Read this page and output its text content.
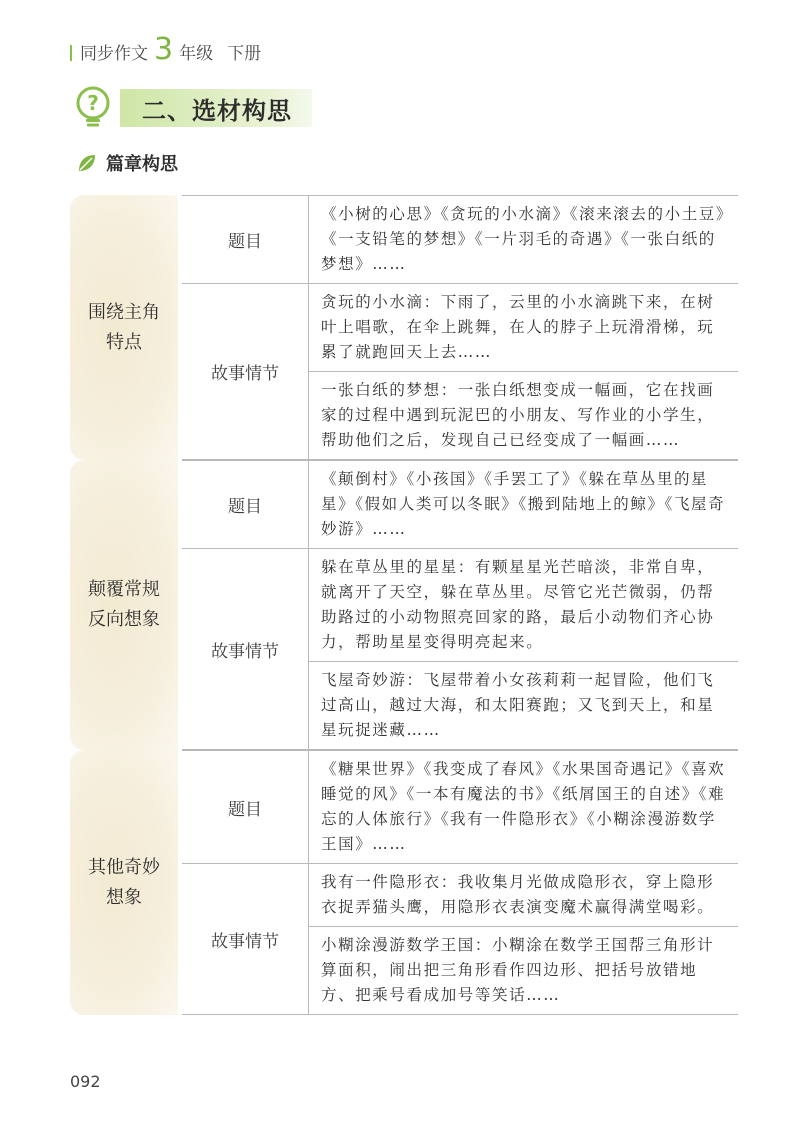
同步作文 3 年级 下册
?	二、选材构思
篇章构思
围绕主角
特点
题目
《小树的心思》《贪玩的小水滴》《滚来滚去的小土豆》《一支铅笔的梦想》《一片羽毛的奇遇》《一张白纸的梦想》……
故事情节
贪玩的小水滴：下雨了，云里的小水滴跳下来，在树叶上唱歌，在伞上跳舞，在人的脖子上玩滑滑梯，玩累了就跑回天上去……
一张白纸的梦想：一张白纸想变成一幅画，它在找画家的过程中遇到玩泥巴的小朋友、写作业的小学生，帮助他们之后，发现自己已经变成了一幅画……
颠覆常规
反向想象
题目
《颠倒村》《小孩国》《手罢工了》《躲在草丛里的星星》《假如人类可以冬眠》《搬到陆地上的鲸》《飞屋奇妙游》……
故事情节
躲在草丛里的星星：有颗星星光芒暗淡，非常自卑，就离开了天空，躲在草丛里。尽管它光芒微弱，仍帮助路过的小动物照亮回家的路，最后小动物们齐心协力，帮助星星变得明亮起来。
飞屋奇妙游：飞屋带着小女孩莉莉一起冒险，他们飞过高山，越过大海，和太阳赛跑；又飞到天上，和星星玩捉迷藏……
其他奇妙
想象
题目
《糖果世界》《我变成了春风》《水果国奇遇记》《喜欢睡觉的风》《一本有魔法的书》《纸屑国王的自述》《难忘的人体旅行》《我有一件隐形衣》《小糊涂漫游数学王国》……
故事情节
我有一件隐形衣：我收集月光做成隐形衣，穿上隐形衣捉弄猫头鹰，用隐形衣表演变魔术赢得满堂喝彩。
小糊涂漫游数学王国：小糊涂在数学王国帮三角形计算面积，闹出把三角形看作四边形、把括号放错地方、把乘号看成加号等笑话……
092
